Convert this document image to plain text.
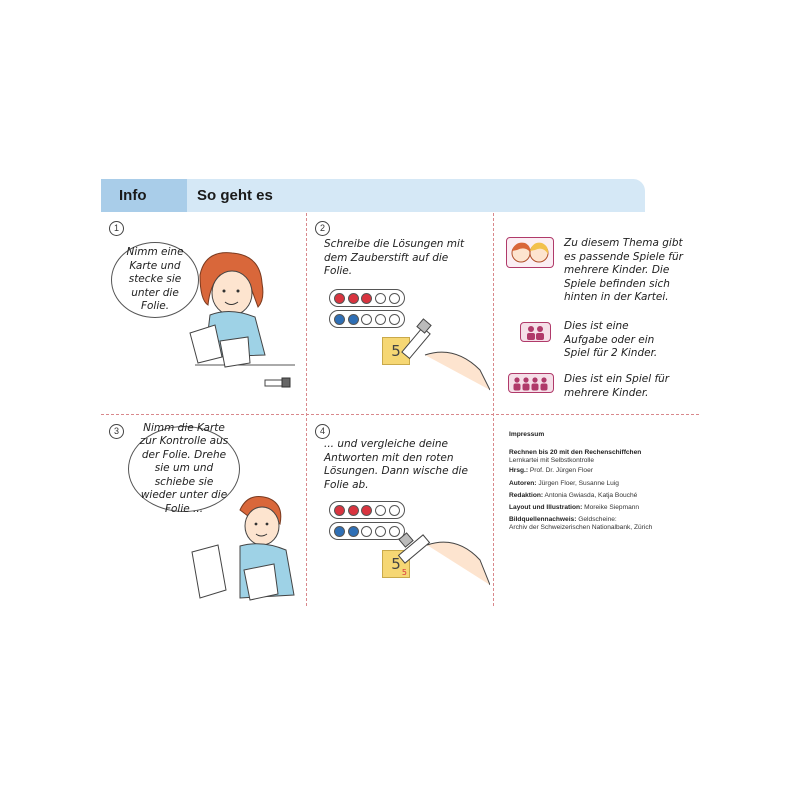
Info	So geht es
1
Nimm eine Karte und stecke sie unter die Folie.
2
Schreibe die Lösungen mit dem Zauberstift auf die Folie.
5
3	Nimm die Karte zur Kontrolle aus der Folie. Drehe sie um und schiebe sie wieder unter die Folie ...
4
... und vergleiche deine Antworten mit den roten Lösungen. Dann wische die Folie ab.
5 5
Zu diesem Thema gibt es passende Spiele für mehrere Kinder. Die Spiele befinden sich hinten in der Kartei.
Dies ist eine Aufgabe oder ein Spiel für 2 Kinder.
Dies ist ein Spiel für mehrere Kinder.
Impressum
Rechnen bis 20 mit den Rechenschiffchen
Lernkartei mit Selbstkontrolle
Hrsg.: Prof. Dr. Jürgen Floer
Autoren: Jürgen Floer, Susanne Luig
Redaktion: Antonia Gwiasda, Katja Bouché
Layout und Illustration: Moreike Siepmann
Bildquellennachweis: Geldscheine:
Archiv der Schweizerischen Nationalbank, Zürich
